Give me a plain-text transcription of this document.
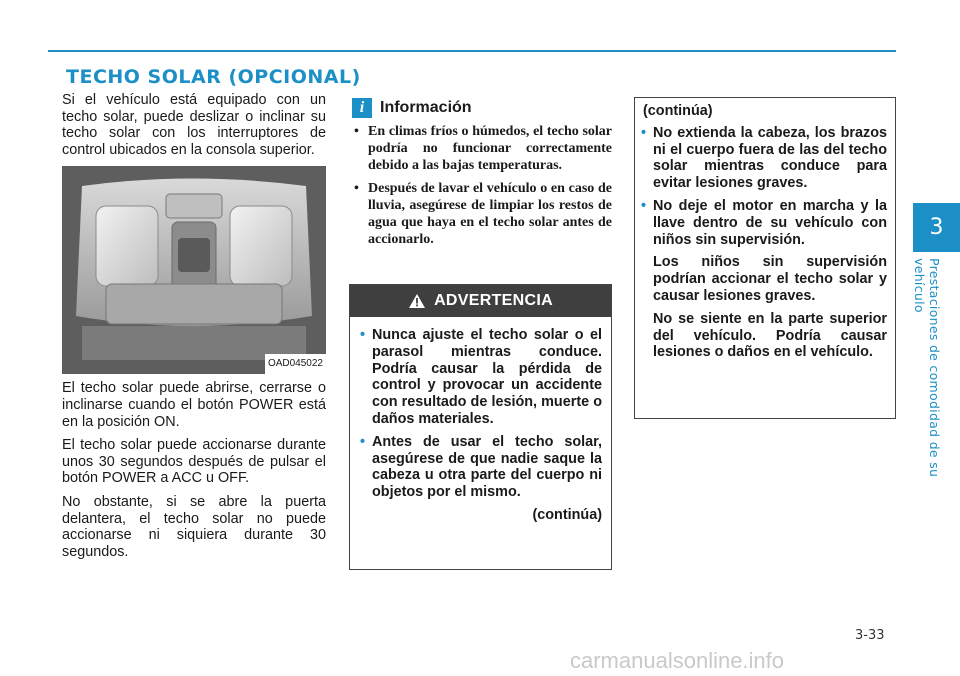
TECHO SOLAR (OPCIONAL)

Si el vehículo está equipado con un techo solar, puede deslizar o inclinar su techo solar con los interruptores de control ubicados en la consola superior.

OAD045022

El techo solar puede abrirse, cerrarse o inclinarse cuando el botón POWER está en la posición ON.

El techo solar puede accionarse durante unos 30 segundos después de pulsar el botón POWER a ACC u OFF.

No obstante, si se abre la puerta delantera, el techo solar no puede accionarse ni siquiera durante 30 segundos.

i Información
• En climas fríos o húmedos, el techo solar podría no funcionar correctamente debido a las bajas temperaturas.
• Después de lavar el vehículo o en caso de lluvia, asegúrese de limpiar los restos de agua que haya en el techo solar antes de accionarlo.
ADVERTENCIA
• Nunca ajuste el techo solar o el parasol mientras conduce. Podría causar la pérdida de control y provocar un accidente con resultado de lesión, muerte o daños materiales.
• Antes de usar el techo solar, asegúrese de que nadie saque la cabeza u otra parte del cuerpo ni objetos por el mismo.
(continúa)
(continúa)
• No extienda la cabeza, los brazos ni el cuerpo fuera de las del techo solar mientras conduce para evitar lesiones graves.
• No deje el motor en marcha y la llave dentro de su vehículo con niños sin supervisión.
Los niños sin supervisión podrían accionar el techo solar y causar lesiones graves.
No se siente en la parte superior del vehículo. Podría causar lesiones o daños en el vehículo.
3
Prestaciones de comodidad de su vehículo
3-33
carmanualsonline.info
